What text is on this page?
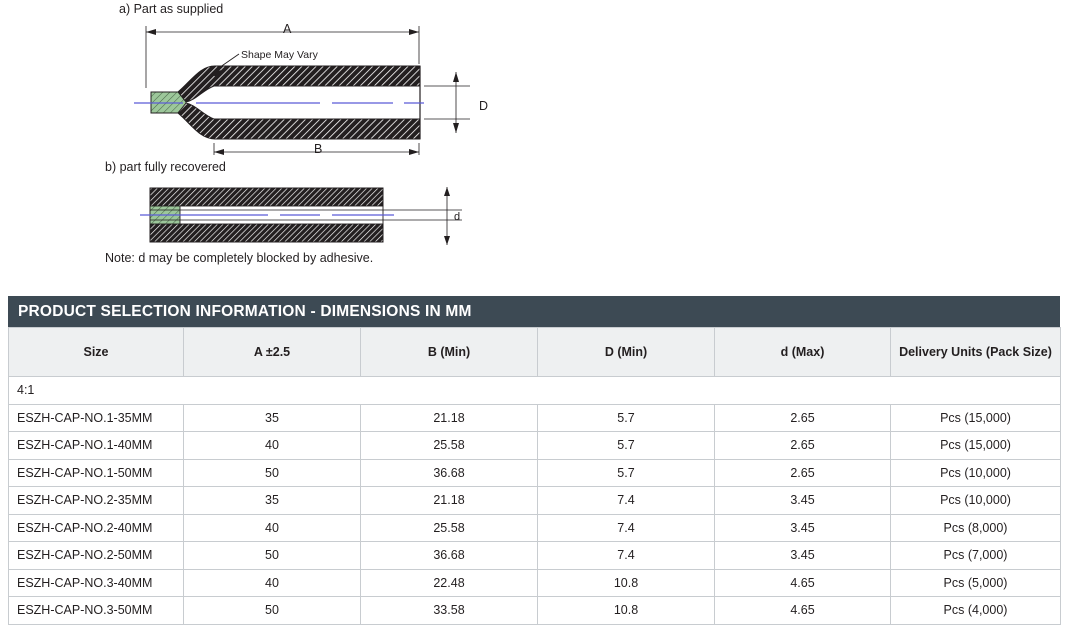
a) Part as supplied
b) part fully recovered
Note: d may be completely blocked by adhesive.
Shape May Vary
A
B
D
d
PRODUCT SELECTION INFORMATION - DIMENSIONS IN MM
Size	A ±2.5	B (Min)	D (Min)	d (Max)	Delivery Units (Pack Size)
4:1					
ESZH-CAP-NO.1-35MM	35	21.18	5.7	2.65	Pcs (15,000)
ESZH-CAP-NO.1-40MM	40	25.58	5.7	2.65	Pcs (15,000)
ESZH-CAP-NO.1-50MM	50	36.68	5.7	2.65	Pcs (10,000)
ESZH-CAP-NO.2-35MM	35	21.18	7.4	3.45	Pcs (10,000)
ESZH-CAP-NO.2-40MM	40	25.58	7.4	3.45	Pcs (8,000)
ESZH-CAP-NO.2-50MM	50	36.68	7.4	3.45	Pcs (7,000)
ESZH-CAP-NO.3-40MM	40	22.48	10.8	4.65	Pcs (5,000)
ESZH-CAP-NO.3-50MM	50	33.58	10.8	4.65	Pcs (4,000)
